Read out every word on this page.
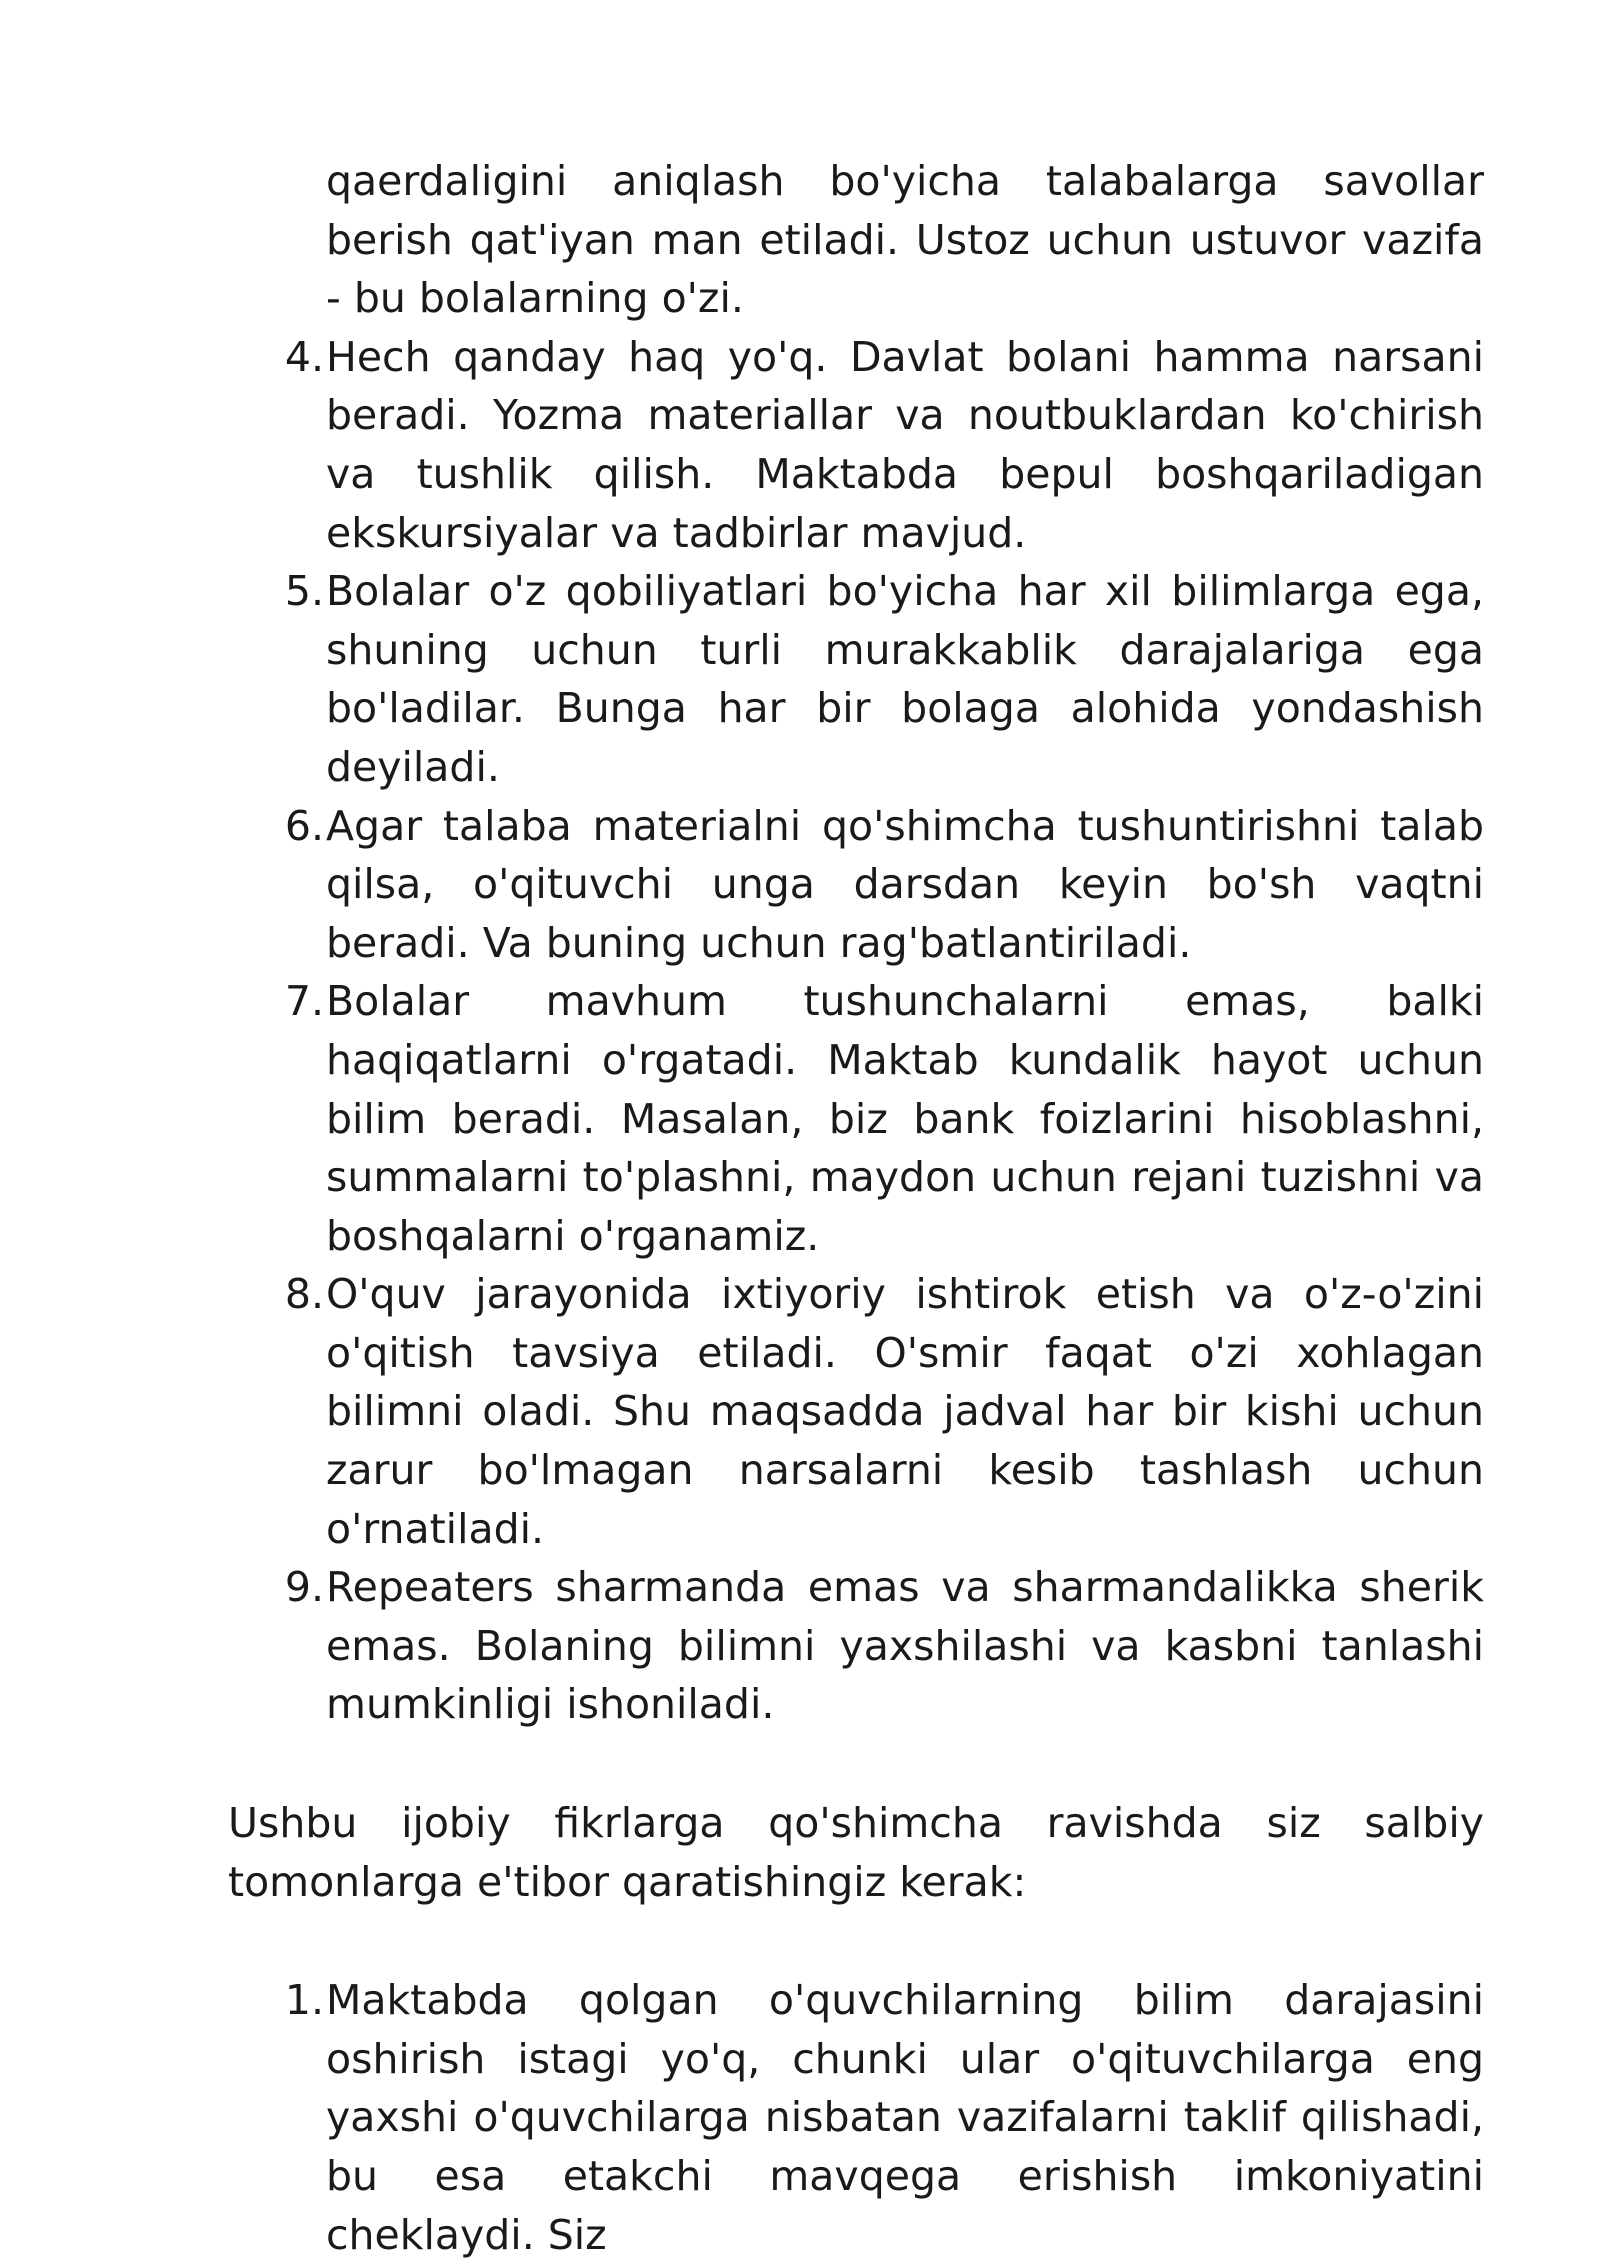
qaerdaligini aniqlash bo'yicha talabalarga savollar berish qat'iyan man etiladi. Ustoz uchun ustuvor vazifa - bu bolalarning o'zi.
4. Hech qanday haq yo'q. Davlat bolani hamma narsani beradi. Yozma materiallar va noutbuklardan ko'chirish va tushlik qilish. Maktabda bepul boshqariladigan ekskursiyalar va tadbirlar mavjud.
5. Bolalar o'z qobiliyatlari bo'yicha har xil bilimlarga ega, shuning uchun turli murakkablik darajalariga ega bo'ladilar. Bunga har bir bolaga alohida yondashish deyiladi.
6. Agar talaba materialni qo'shimcha tushuntirishni talab qilsa, o'qituvchi unga darsdan keyin bo'sh vaqtni beradi. Va buning uchun rag'batlantiriladi.
7. Bolalar mavhum tushunchalarni emas, balki haqiqatlarni o'rgatadi. Maktab kundalik hayot uchun bilim beradi. Masalan, biz bank foizlarini hisoblashni, summalarni to'plashni, maydon uchun rejani tuzishni va boshqalarni o'rganamiz.
8. O'quv jarayonida ixtiyoriy ishtirok etish va o'z-o'zini o'qitish tavsiya etiladi. O'smir faqat o'zi xohlagan bilimni oladi. Shu maqsadda jadval har bir kishi uchun zarur bo'lmagan narsalarni kesib tashlash uchun o'rnatiladi.
9. Repeaters sharmanda emas va sharmandalikka sherik emas. Bolaning bilimni yaxshilashi va kasbni tanlashi mumkinligi ishoniladi.

Ushbu ijobiy fikrlarga qo'shimcha ravishda siz salbiy tomonlarga e'tibor qaratishingiz kerak:

1. Maktabda qolgan o'quvchilarning bilim darajasini oshirish istagi yo'q, chunki ular o'qituvchilarga eng yaxshi o'quvchilarga nisbatan vazifalarni taklif qilishadi, bu esa etakchi mavqega erishish imkoniyatini cheklaydi. Siz
